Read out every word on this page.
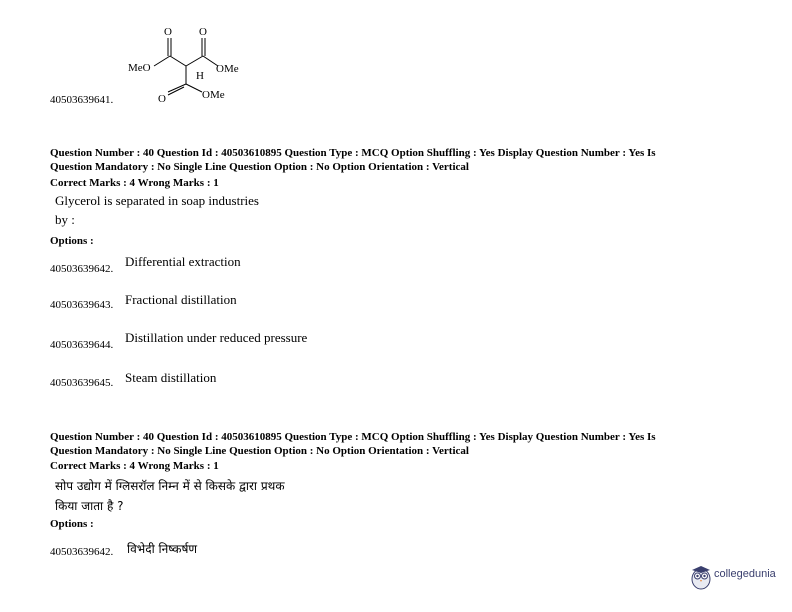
O O
MeO
H
OMe
O	OMe
40503639641.
Question Number : 40 Question Id : 40503610895 Question Type : MCQ Option Shuffling : Yes Display Question Number : Yes Is
Question Mandatory : No Single Line Question Option : No Option Orientation : Vertical
Correct Marks : 4 Wrong Marks : 1
Glycerol is separated in soap industries
by :
Options :
40503639642. Differential extraction
40503639643. Fractional distillation
40503639644. Distillation under reduced pressure
40503639645. Steam distillation
Question Number : 40 Question Id : 40503610895 Question Type : MCQ Option Shuffling : Yes Display Question Number : Yes Is
Question Mandatory : No Single Line Question Option : No Option Orientation : Vertical
Correct Marks : 4 Wrong Marks : 1
सोप उद्योग में ग्लिसरॉल निम्न में से किसके द्वारा प्रथक
किया जाता है ?
Options :
40503639642. विभेदी निष्कर्षण
collegedunia
